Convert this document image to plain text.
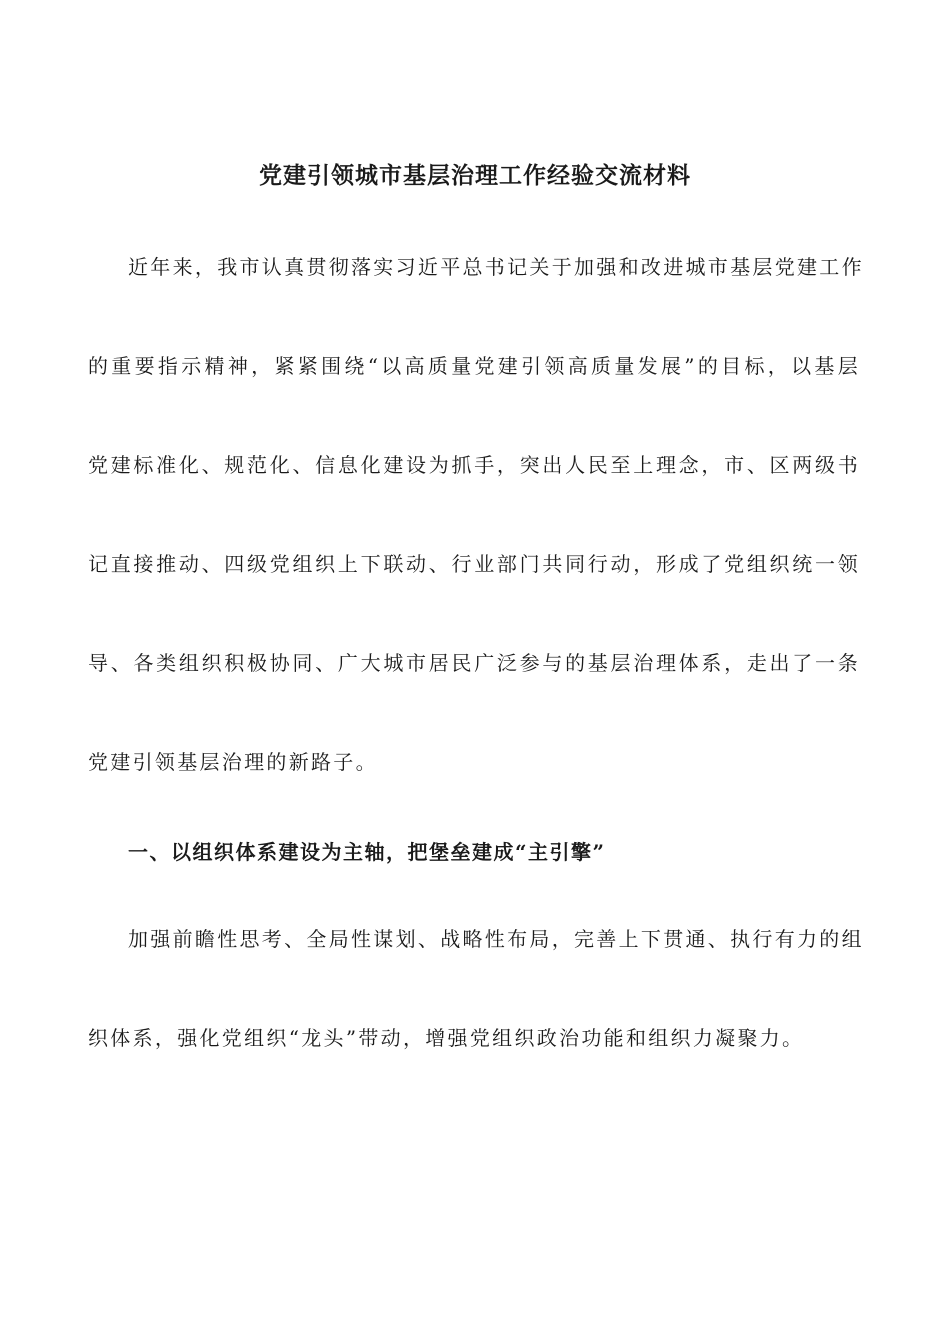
党建引领城市基层治理工作经验交流材料
近年来，我市认真贯彻落实习近平总书记关于加强和改进城市基层党建工作
的重要指示精神，紧紧围绕“以高质量党建引领高质量发展”的目标，以基层
党建标准化、规范化、信息化建设为抓手，突出人民至上理念，市、区两级书
记直接推动、四级党组织上下联动、行业部门共同行动，形成了党组织统一领
导、各类组织积极协同、广大城市居民广泛参与的基层治理体系，走出了一条
党建引领基层治理的新路子。
一、以组织体系建设为主轴，把堡垒建成“主引擎”
加强前瞻性思考、全局性谋划、战略性布局，完善上下贯通、执行有力的组
织体系，强化党组织“龙头”带动，增强党组织政治功能和组织力凝聚力。
